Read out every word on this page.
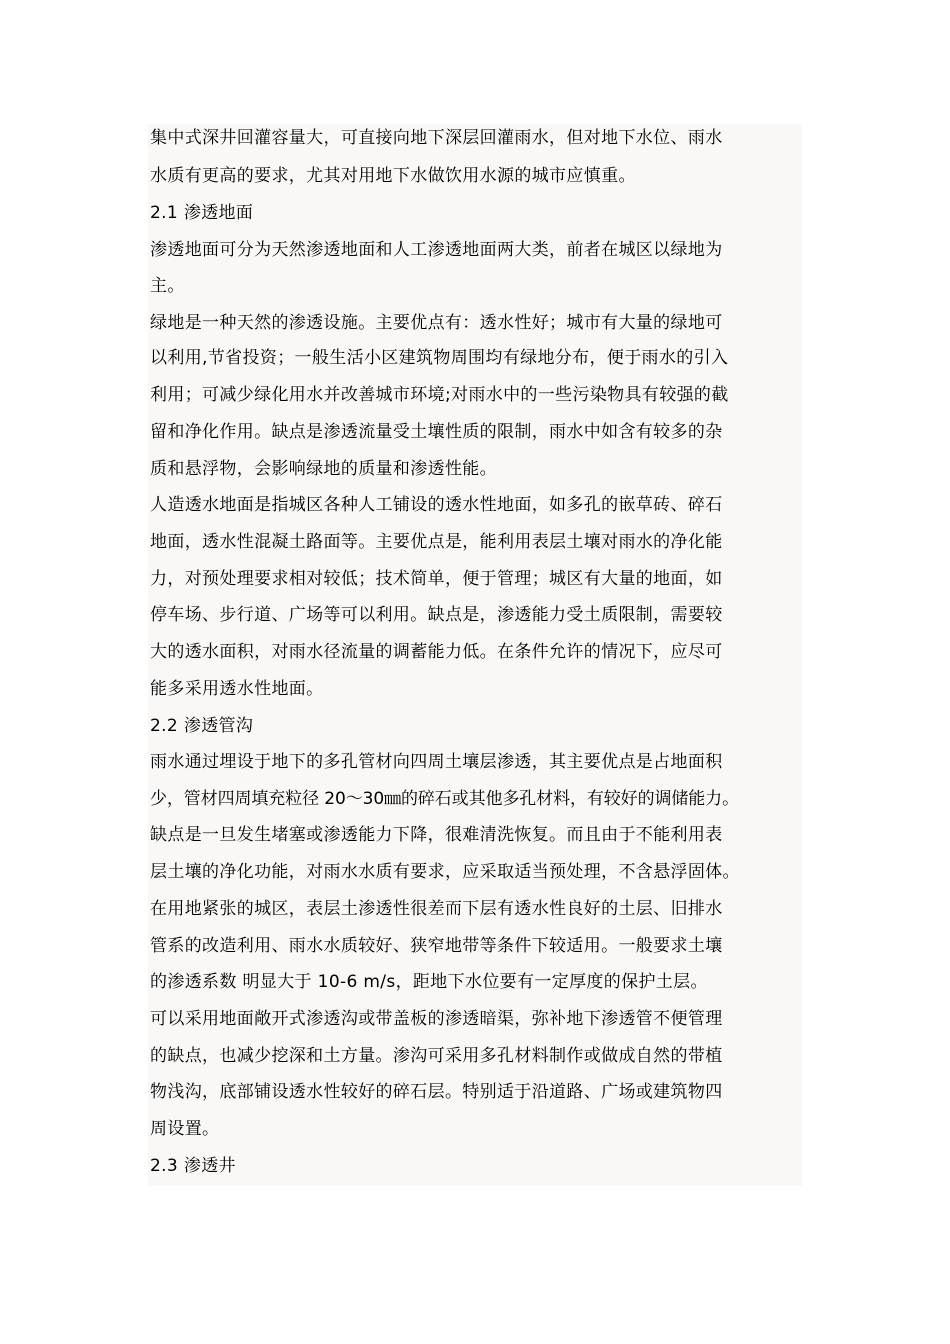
集中式深井回灌容量大，可直接向地下深层回灌雨水，但对地下水位、雨水

水质有更高的要求，尤其对用地下水做饮用水源的城市应慎重。

2.1 渗透地面

渗透地面可分为天然渗透地面和人工渗透地面两大类，前者在城区以绿地为

主。

绿地是一种天然的渗透设施。主要优点有：透水性好；城市有大量的绿地可

以利用,节省投资；一般生活小区建筑物周围均有绿地分布，便于雨水的引入

利用；可减少绿化用水并改善城市环境;对雨水中的一些污染物具有较强的截

留和净化作用。缺点是渗透流量受土壤性质的限制，雨水中如含有较多的杂

质和悬浮物，会影响绿地的质量和渗透性能。

人造透水地面是指城区各种人工铺设的透水性地面，如多孔的嵌草砖、碎石

地面，透水性混凝土路面等。主要优点是，能利用表层土壤对雨水的净化能

力，对预处理要求相对较低；技术简单，便于管理；城区有大量的地面，如

停车场、步行道、广场等可以利用。缺点是，渗透能力受土质限制，需要较

大的透水面积，对雨水径流量的调蓄能力低。在条件允许的情况下，应尽可

能多采用透水性地面。

2.2 渗透管沟

雨水通过埋设于地下的多孔管材向四周土壤层渗透，其主要优点是占地面积

少，管材四周填充粒径 20～30㎜的碎石或其他多孔材料，有较好的调储能力。

缺点是一旦发生堵塞或渗透能力下降，很难清洗恢复。而且由于不能利用表

层土壤的净化功能，对雨水水质有要求，应采取适当预处理，不含悬浮固体。

在用地紧张的城区，表层土渗透性很差而下层有透水性良好的土层、旧排水

管系的改造利用、雨水水质较好、狭窄地带等条件下较适用。一般要求土壤

的渗透系数 明显大于 10-6 m/s，距地下水位要有一定厚度的保护土层。

可以采用地面敞开式渗透沟或带盖板的渗透暗渠，弥补地下渗透管不便管理

的缺点，也减少挖深和土方量。渗沟可采用多孔材料制作或做成自然的带植

物浅沟，底部铺设透水性较好的碎石层。特别适于沿道路、广场或建筑物四

周设置。

2.3 渗透井
